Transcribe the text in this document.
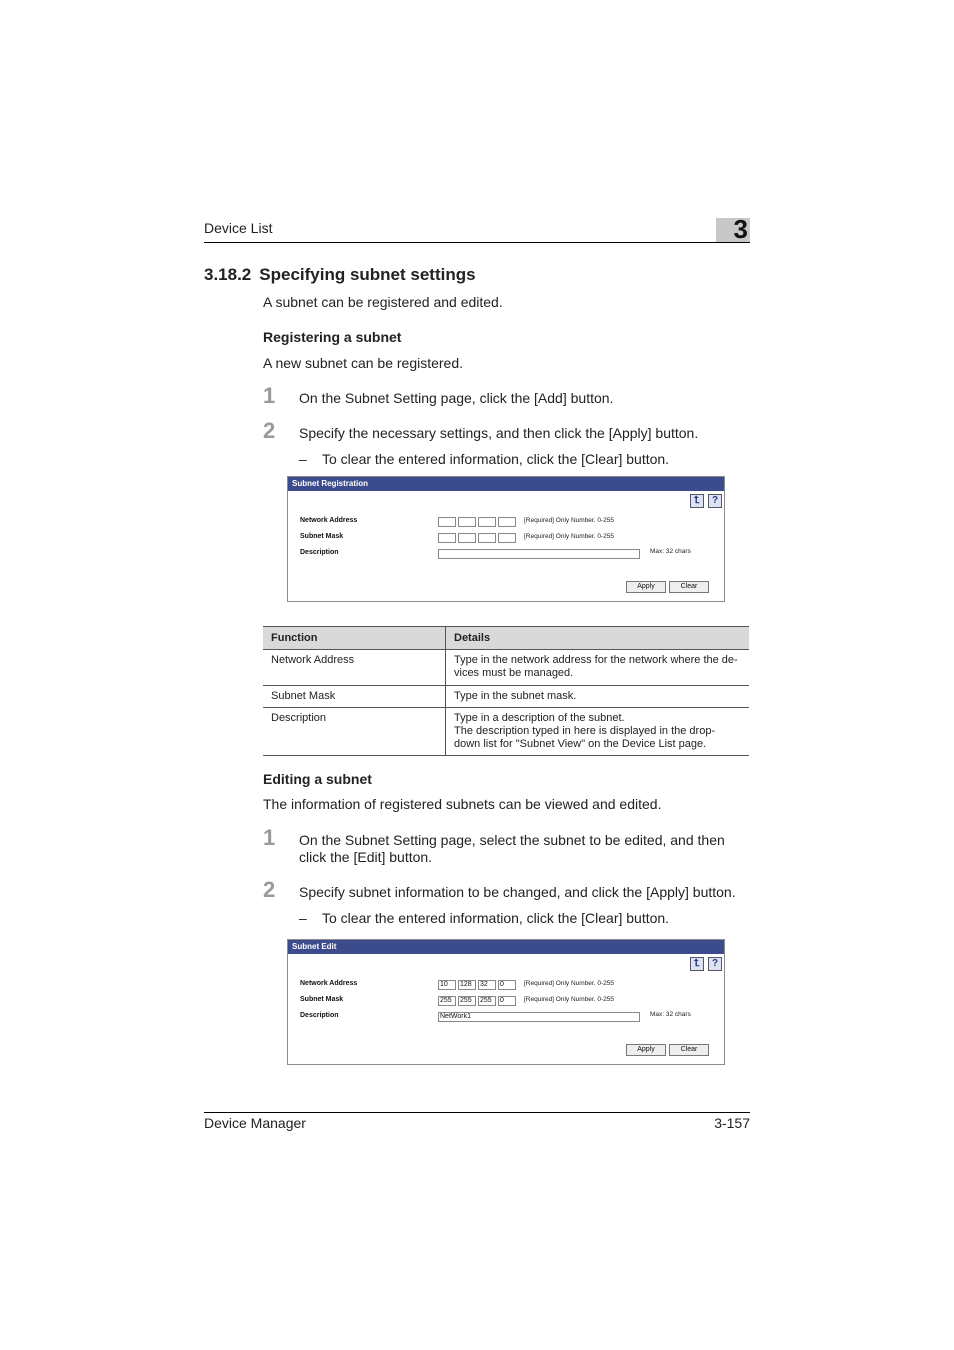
Device List	3
3.18.2 Specifying subnet settings
A subnet can be registered and edited.
Registering a subnet
A new subnet can be registered.
1 On the Subnet Setting page, click the [Add] button.
2 Specify the necessary settings, and then click the [Apply] button.
– To clear the entered information, click the [Clear] button.
Subnet Registration
⮤	?
Network Address	[Required] Only Number. 0-255
Subnet Mask	[Required] Only Number. 0-255
Description	Max: 32 chars
Apply	Clear
Function	Details
Network Address	Type in the network address for the network where the de-vices must be managed.
Subnet Mask	Type in the subnet mask.
Description	Type in a description of the subnet.
The description typed in here is displayed in the drop-down list for "Subnet View" on the Device List page.
Editing a subnet
The information of registered subnets can be viewed and edited.
1 On the Subnet Setting page, select the subnet to be edited, and then click the [Edit] button.
2 Specify subnet information to be changed, and click the [Apply] button.
– To clear the entered information, click the [Clear] button.
Subnet Edit
⮤	?
Network Address	10	128	32	0	[Required] Only Number. 0-255
Subnet Mask	255	255	255	0	[Required] Only Number. 0-255
Description	NetWork1	Max: 32 chars
Apply	Clear
Device Manager	3-157
